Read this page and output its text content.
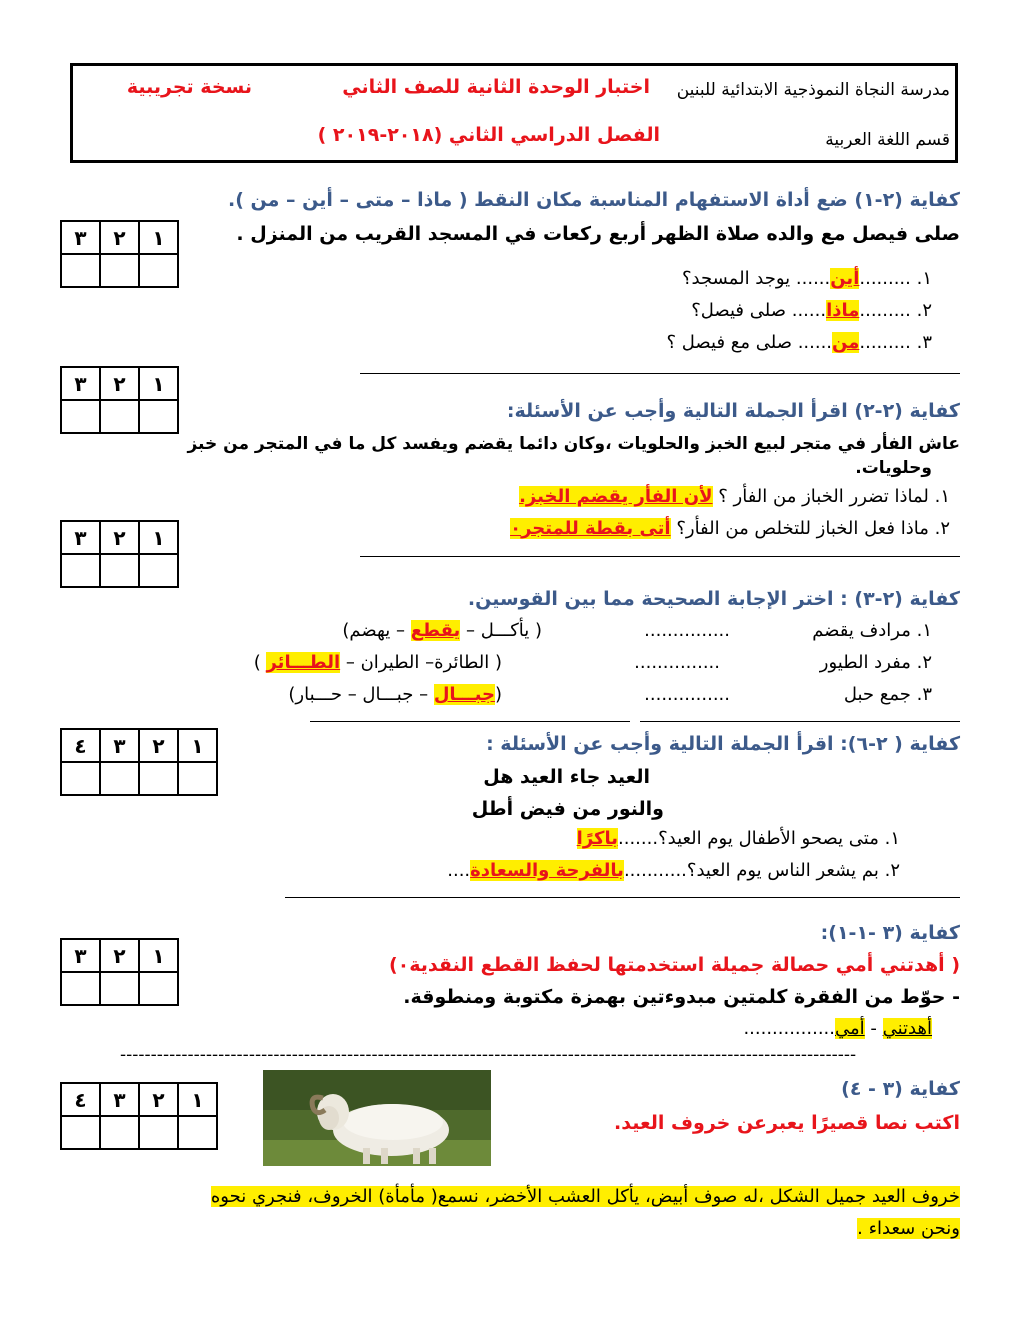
مدرسة النجاة النموذجية الابتدائية للبنين
اختبار الوحدة الثانية للصف الثاني
نسخة تجريبية
قسم اللغة العربية
الفصل الدراسي الثاني (٢٠١٨-٢٠١٩ )
كفاية (٢-١) ضع أداة الاستفهام المناسبة مكان النقط ( ماذا – متى – أين – من ).
صلى فيصل مع والده صلاة الظهر أربع ركعات في المسجد القريب من المنزل .
٣	٢	١

١. .........أين...... يوجد المسجد؟
٢. .........ماذا...... صلى فيصل؟
٣. .........من...... صلى مع فيصل ؟
٣	٢	١

كفاية (٢-٢) اقرأ الجملة التالية وأجب عن الأسئلة:
عاش الفأر في متجر لبيع الخبز والحلويات ،وكان دائما يقضم ويفسد كل ما في المتجر من خبز
وحلويات.
١. لماذا تضرر الخباز من الفأر ؟ لأن الفأر يقضم الخبز.
٢. ماذا فعل الخباز للتخلص من الفأر؟ أتى بقطة للمتجر٠
٣	٢	١

كفاية (٢-٣) : اختر الإجابة الصحيحة مما بين القوسين.
١. مرادف يقضم
...............
( يأكـــل – يقطع – يهضم)
٢. مفرد الطيور
...............
( الطائرة– الطيران – الطـــائر )
٣. جمع حبل
...............
(جبـــال – جبـــال – حـــبار)
٤	٣	٢	١
				كفاية ( ٢-٦): اقرأ الجملة التالية وأجب عن الأسئلة :
العيد جاء العيد هل
والنور من فيض أطل
١. متى يصحو الأطفال يوم العيد؟.......باكرًا
٢. بم يشعر الناس يوم العيد؟...........بالفرحة والسعادة....
كفاية (٣ -١-١):
٣	٢	١
			( أهدتني أمي حصالة جميلة استخدمتها لحفظ القطع النقدية٠)
- حوّط من الفقرة كلمتين مبدوءتين بهمزة مكتوبة ومنطوقة.
أهدتني - أمي................
------------------------------------------------------------------------------------------------------------------------
٤	٣	٢	١
				كفاية (٣ - ٤)
اكتب نصا قصيرًا يعبرعن خروف العيد.
خروف العيد جميل الشكل ،له صوف أبيض، يأكل العشب الأخضر، نسمع( مأمأة) الخروف، فنجري نحوه
ونحن سعداء .
